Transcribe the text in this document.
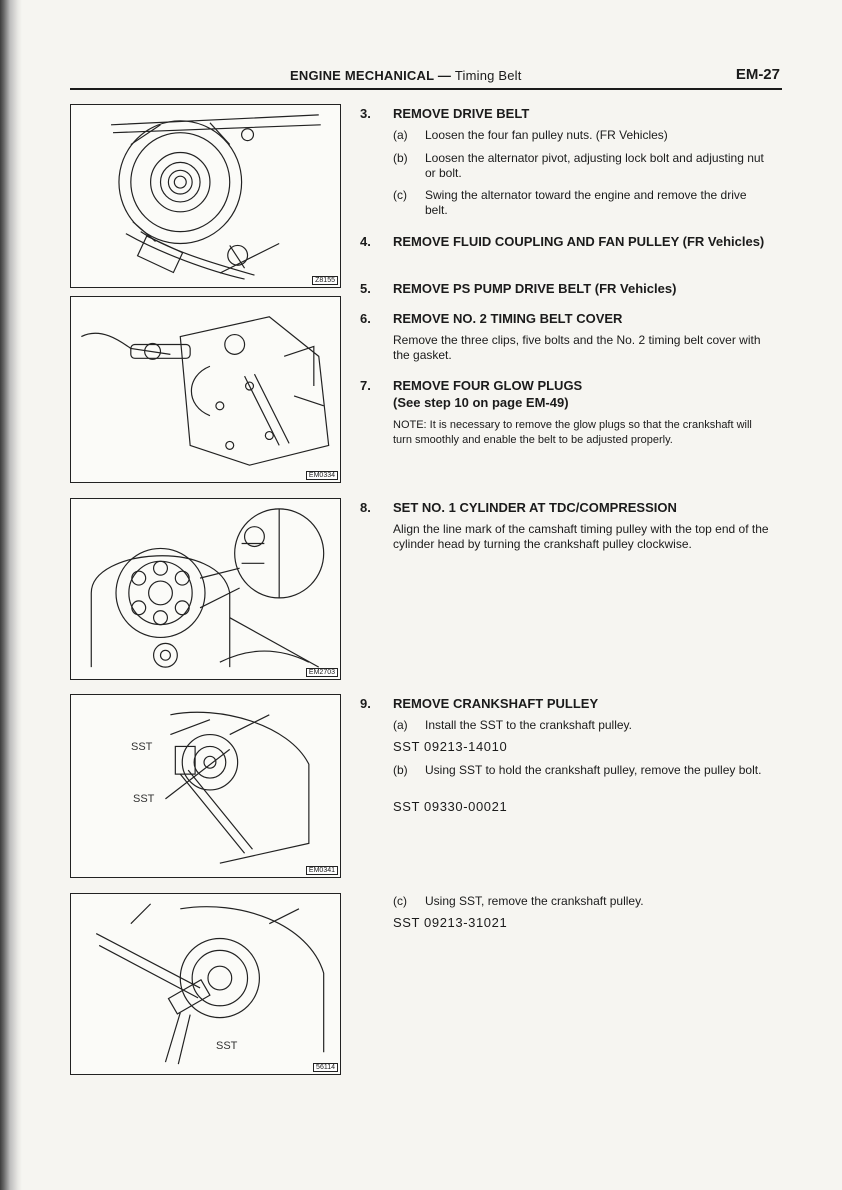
ENGINE MECHANICAL — Timing Belt	EM-27
Z8155
EM0334
EM2703
SST
SST
EM0341
SST
56114
3. REMOVE DRIVE BELT
(a) Loosen the four fan pulley nuts. (FR Vehicles)
(b) Loosen the alternator pivot, adjusting lock bolt and adjusting nut or bolt.
(c) Swing the alternator toward the engine and remove the drive belt.
4. REMOVE FLUID COUPLING AND FAN PULLEY (FR Vehicles)
5. REMOVE PS PUMP DRIVE BELT (FR Vehicles)
6. REMOVE NO. 2 TIMING BELT COVER
Remove the three clips, five bolts and the No. 2 timing belt cover with the gasket.
7. REMOVE FOUR GLOW PLUGS
(See step 10 on page EM-49)
NOTE: It is necessary to remove the glow plugs so that the crankshaft will turn smoothly and enable the belt to be adjusted properly.
8. SET NO. 1 CYLINDER AT TDC/COMPRESSION
Align the line mark of the camshaft timing pulley with the top end of the cylinder head by turning the crankshaft pulley clockwise.
9. REMOVE CRANKSHAFT PULLEY
(a) Install the SST to the crankshaft pulley.
SST 09213-14010
(b) Using SST to hold the crankshaft pulley, remove the pulley bolt.
SST 09330-00021
(c) Using SST, remove the crankshaft pulley.
SST 09213-31021
